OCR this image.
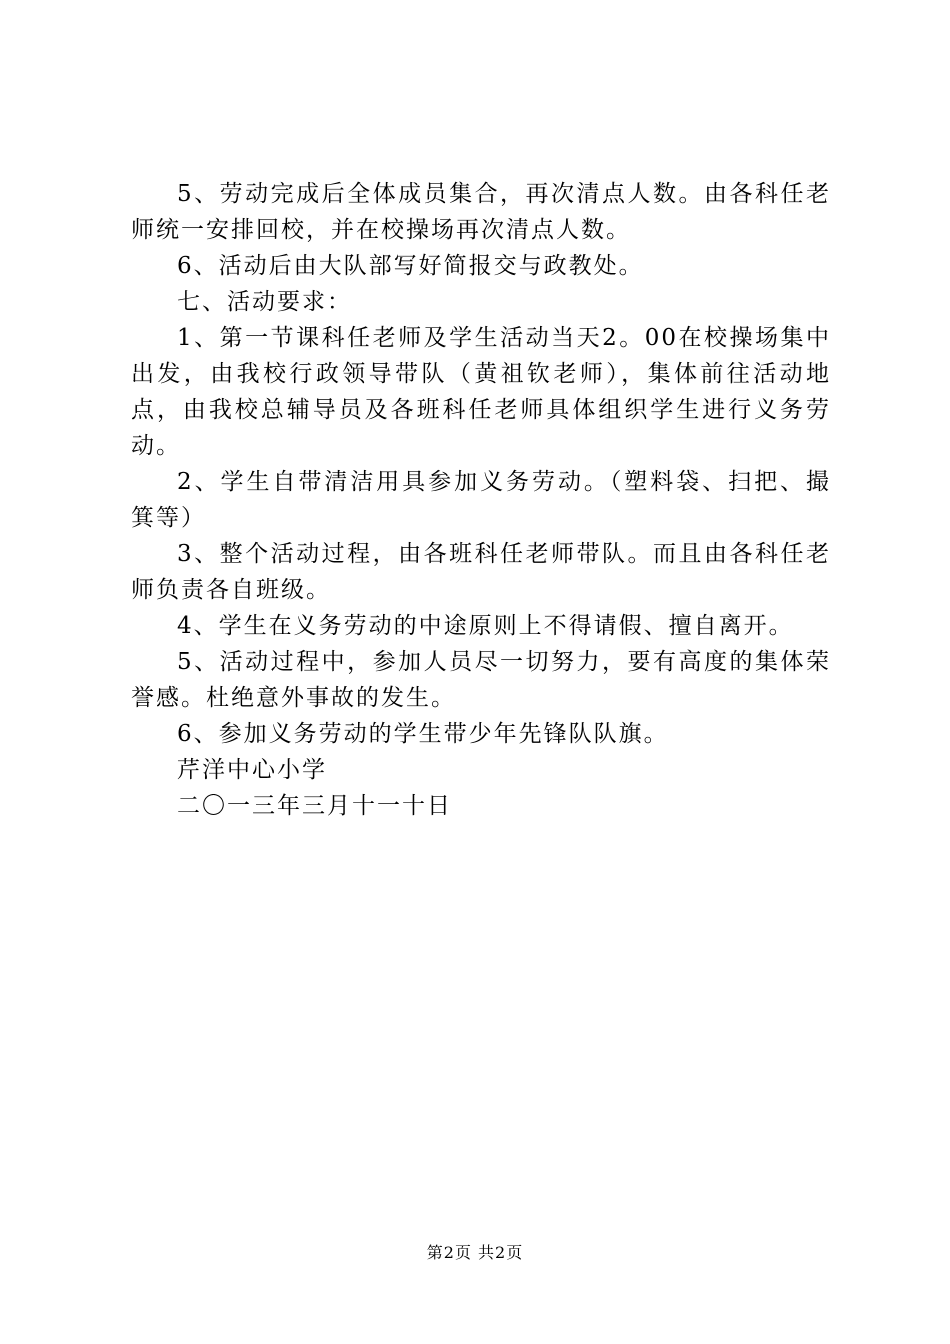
5、劳动完成后全体成员集合，再次清点人数。由各科任老师统一安排回校，并在校操场再次清点人数。

6、活动后由大队部写好简报交与政教处。

七、活动要求：

1、第一节课科任老师及学生活动当天2。00在校操场集中出发，由我校行政领导带队（黄祖钦老师），集体前往活动地点，由我校总辅导员及各班科任老师具体组织学生进行义务劳动。

2、学生自带清洁用具参加义务劳动。（塑料袋、扫把、撮箕等）

3、整个活动过程，由各班科任老师带队。而且由各科任老师负责各自班级。

4、学生在义务劳动的中途原则上不得请假、擅自离开。

5、活动过程中，参加人员尽一切努力，要有高度的集体荣誉感。杜绝意外事故的发生。

6、参加义务劳动的学生带少年先锋队队旗。

芹洋中心小学

二〇一三年三月十一十日

第2页 共2页
